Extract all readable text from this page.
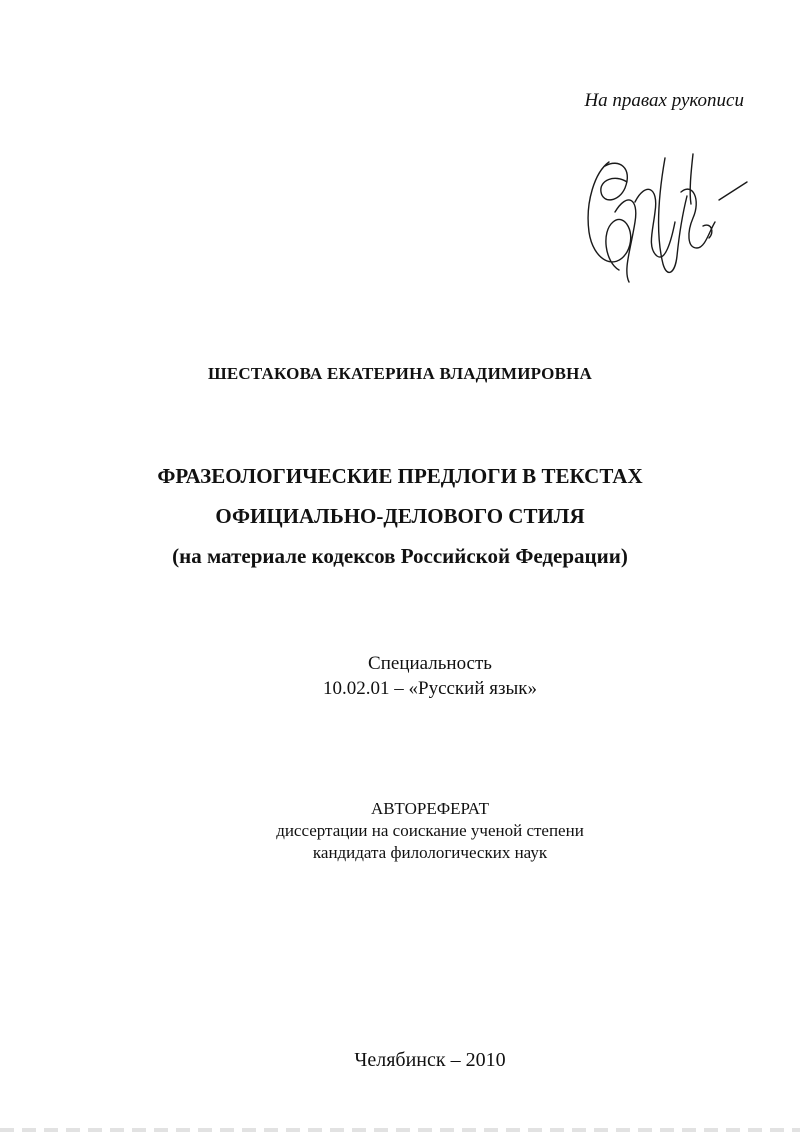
На правах рукописи
ШЕСТАКОВА ЕКАТЕРИНА ВЛАДИМИРОВНА
ФРАЗЕОЛОГИЧЕСКИЕ ПРЕДЛОГИ В ТЕКСТАХ
ОФИЦИАЛЬНО-ДЕЛОВОГО СТИЛЯ
(на материале кодексов Российской Федерации)
Специальность
10.02.01 – «Русский язык»
АВТОРЕФЕРАТ
диссертации на соискание ученой степени
кандидата филологических наук
Челябинск – 2010
